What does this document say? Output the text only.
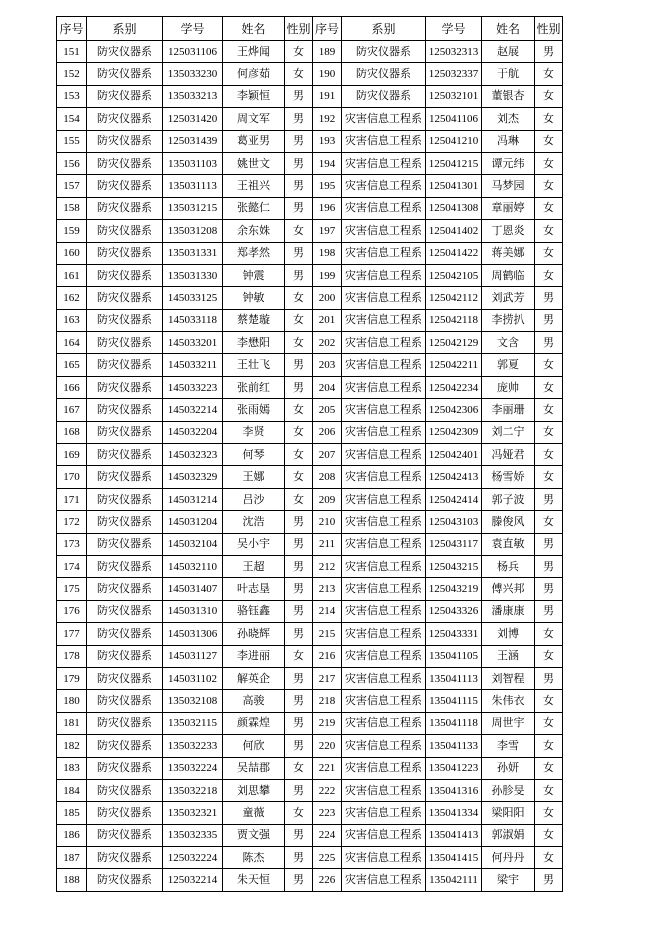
序号	系别	学号	姓名	性别	序号	系别	学号	姓名	性别
151	防灾仪器系	125031106	王烨闻	女	189	防灾仪器系	125032313	赵展	男
152	防灾仪器系	135033230	何彦茹	女	190	防灾仪器系	125032337	于航	女
153	防灾仪器系	135033213	李颖恒	男	191	防灾仪器系	125032101	董银杏	女
154	防灾仪器系	125031420	周文军	男	192	灾害信息工程系	125041106	刘杰	女
155	防灾仪器系	125031439	葛亚男	男	193	灾害信息工程系	125041210	冯琳	女
156	防灾仪器系	135031103	姚世文	男	194	灾害信息工程系	125041215	谭元纬	女
157	防灾仪器系	135031113	王祖兴	男	195	灾害信息工程系	125041301	马梦园	女
158	防灾仪器系	135031215	张懿仁	男	196	灾害信息工程系	125041308	章丽婷	女
159	防灾仪器系	135031208	余东姝	女	197	灾害信息工程系	125041402	丁恩炎	女
160	防灾仪器系	135031331	郑孝然	男	198	灾害信息工程系	125041422	蒋美娜	女
161	防灾仪器系	135031330	钟震	男	199	灾害信息工程系	125042105	周鹤临	女
162	防灾仪器系	145033125	钟敏	女	200	灾害信息工程系	125042112	刘武芳	男
163	防灾仪器系	145033118	蔡楚璇	女	201	灾害信息工程系	125042118	李捞扒	男
164	防灾仪器系	145033201	李懋阳	女	202	灾害信息工程系	125042129	文含	男
165	防灾仪器系	145033211	王壮飞	男	203	灾害信息工程系	125042211	郭夏	女
166	防灾仪器系	145033223	张前红	男	204	灾害信息工程系	125042234	庞帅	女
167	防灾仪器系	145032214	张雨嫣	女	205	灾害信息工程系	125042306	李丽珊	女
168	防灾仪器系	145032204	李贤	女	206	灾害信息工程系	125042309	刘二宁	女
169	防灾仪器系	145032323	何琴	女	207	灾害信息工程系	125042401	冯娅君	女
170	防灾仪器系	145032329	王娜	女	208	灾害信息工程系	125042413	杨雪娇	女
171	防灾仪器系	145031214	吕沙	女	209	灾害信息工程系	125042414	郭子波	男
172	防灾仪器系	145031204	沈浩	男	210	灾害信息工程系	125043103	滕俊风	女
173	防灾仪器系	145032104	吴小宇	男	211	灾害信息工程系	125043117	袁直敏	男
174	防灾仪器系	145032110	王超	男	212	灾害信息工程系	125043215	杨兵	男
175	防灾仪器系	145031407	叶志垦	男	213	灾害信息工程系	125043219	傅兴邦	男
176	防灾仪器系	145031310	骆钰鑫	男	214	灾害信息工程系	125043326	潘康康	男
177	防灾仪器系	145031306	孙晓辉	男	215	灾害信息工程系	125043331	刘博	女
178	防灾仪器系	145031127	李进丽	女	216	灾害信息工程系	135041105	王涵	女
179	防灾仪器系	145031102	解英企	男	217	灾害信息工程系	135041113	刘智程	男
180	防灾仪器系	135032108	高骏	男	218	灾害信息工程系	135041115	朱伟衣	女
181	防灾仪器系	135032115	颜霖煌	男	219	灾害信息工程系	135041118	周世宇	女
182	防灾仪器系	135032233	何欣	男	220	灾害信息工程系	135041133	李雪	女
183	防灾仪器系	135032224	吴喆郡	女	221	灾害信息工程系	135041223	孙妍	女
184	防灾仪器系	135032218	刘思攀	男	222	灾害信息工程系	135041316	孙胗旻	女
185	防灾仪器系	135032321	童薇	女	223	灾害信息工程系	135041334	梁阳阳	女
186	防灾仪器系	135032335	贾文强	男	224	灾害信息工程系	135041413	郭淑娟	女
187	防灾仪器系	125032224	陈杰	男	225	灾害信息工程系	135041415	何丹丹	女
188	防灾仪器系	125032214	朱天恒	男	226	灾害信息工程系	135042111	梁宇	男
